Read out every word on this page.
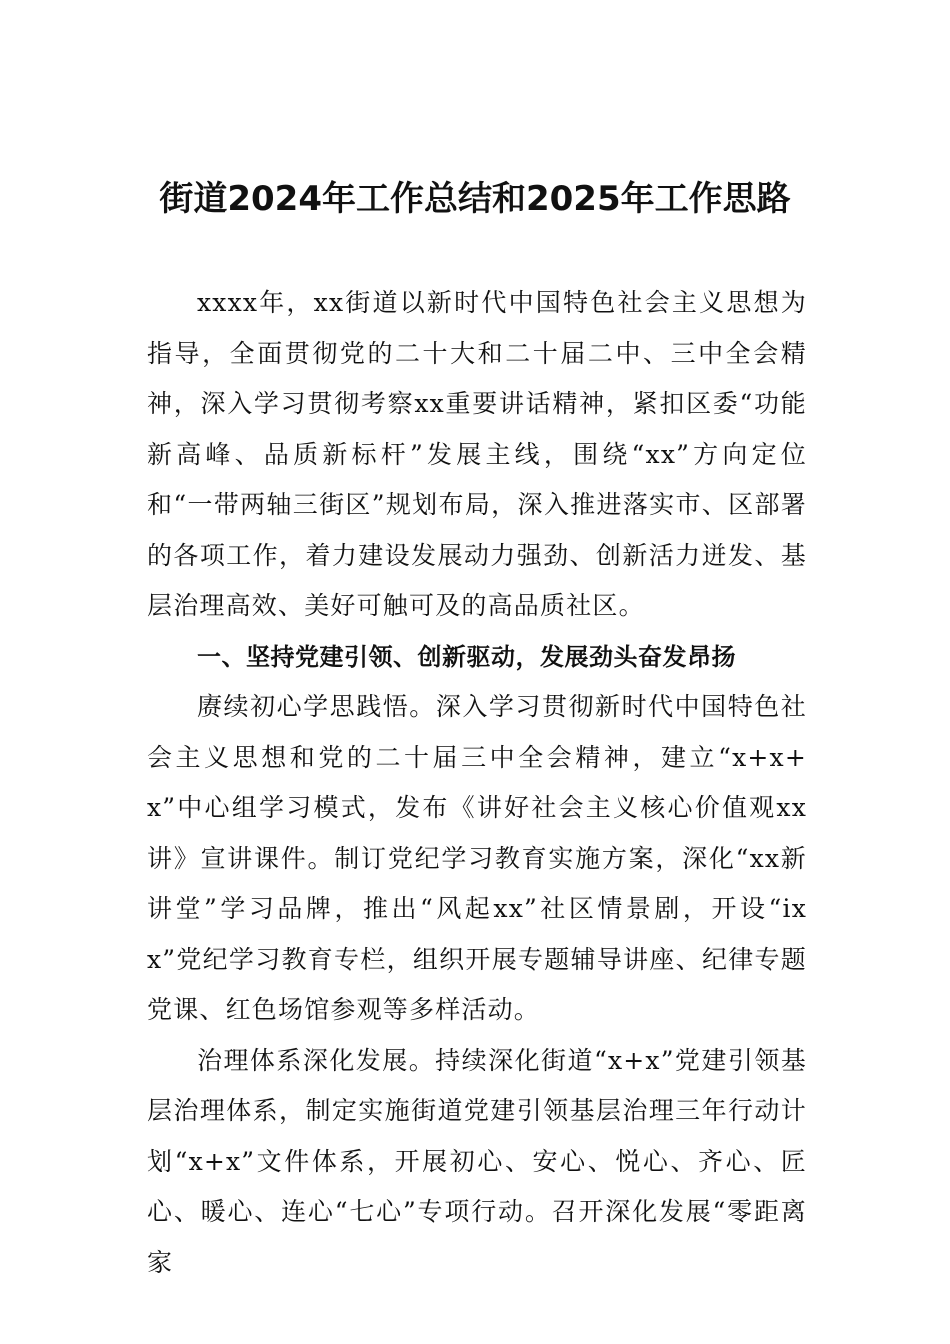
街道2024年工作总结和2025年工作思路

xxxx年，xx街道以新时代中国特色社会主义思想为指导，全面贯彻党的二十大和二十届二中、三中全会精神，深入学习贯彻考察xx重要讲话精神，紧扣区委“功能新高峰、品质新标杆”发展主线，围绕“xx”方向定位和“一带两轴三街区”规划布局，深入推进落实市、区部署的各项工作，着力建设发展动力强劲、创新活力迸发、基层治理高效、美好可触可及的高品质社区。

一、坚持党建引领、创新驱动，发展劲头奋发昂扬

赓续初心学思践悟。深入学习贯彻新时代中国特色社会主义思想和党的二十届三中全会精神，建立“x+x+x”中心组学习模式，发布《讲好社会主义核心价值观xx讲》宣讲课件。制订党纪学习教育实施方案，深化“xx新讲堂”学习品牌，推出“风起xx”社区情景剧，开设“ixx”党纪学习教育专栏，组织开展专题辅导讲座、纪律专题党课、红色场馆参观等多样活动。

治理体系深化发展。持续深化街道“x+x”党建引领基层治理体系，制定实施街道党建引领基层治理三年行动计划“x+x”文件体系，开展初心、安心、悦心、齐心、匠心、暖心、连心“七心”专项行动。召开深化发展“零距离家
